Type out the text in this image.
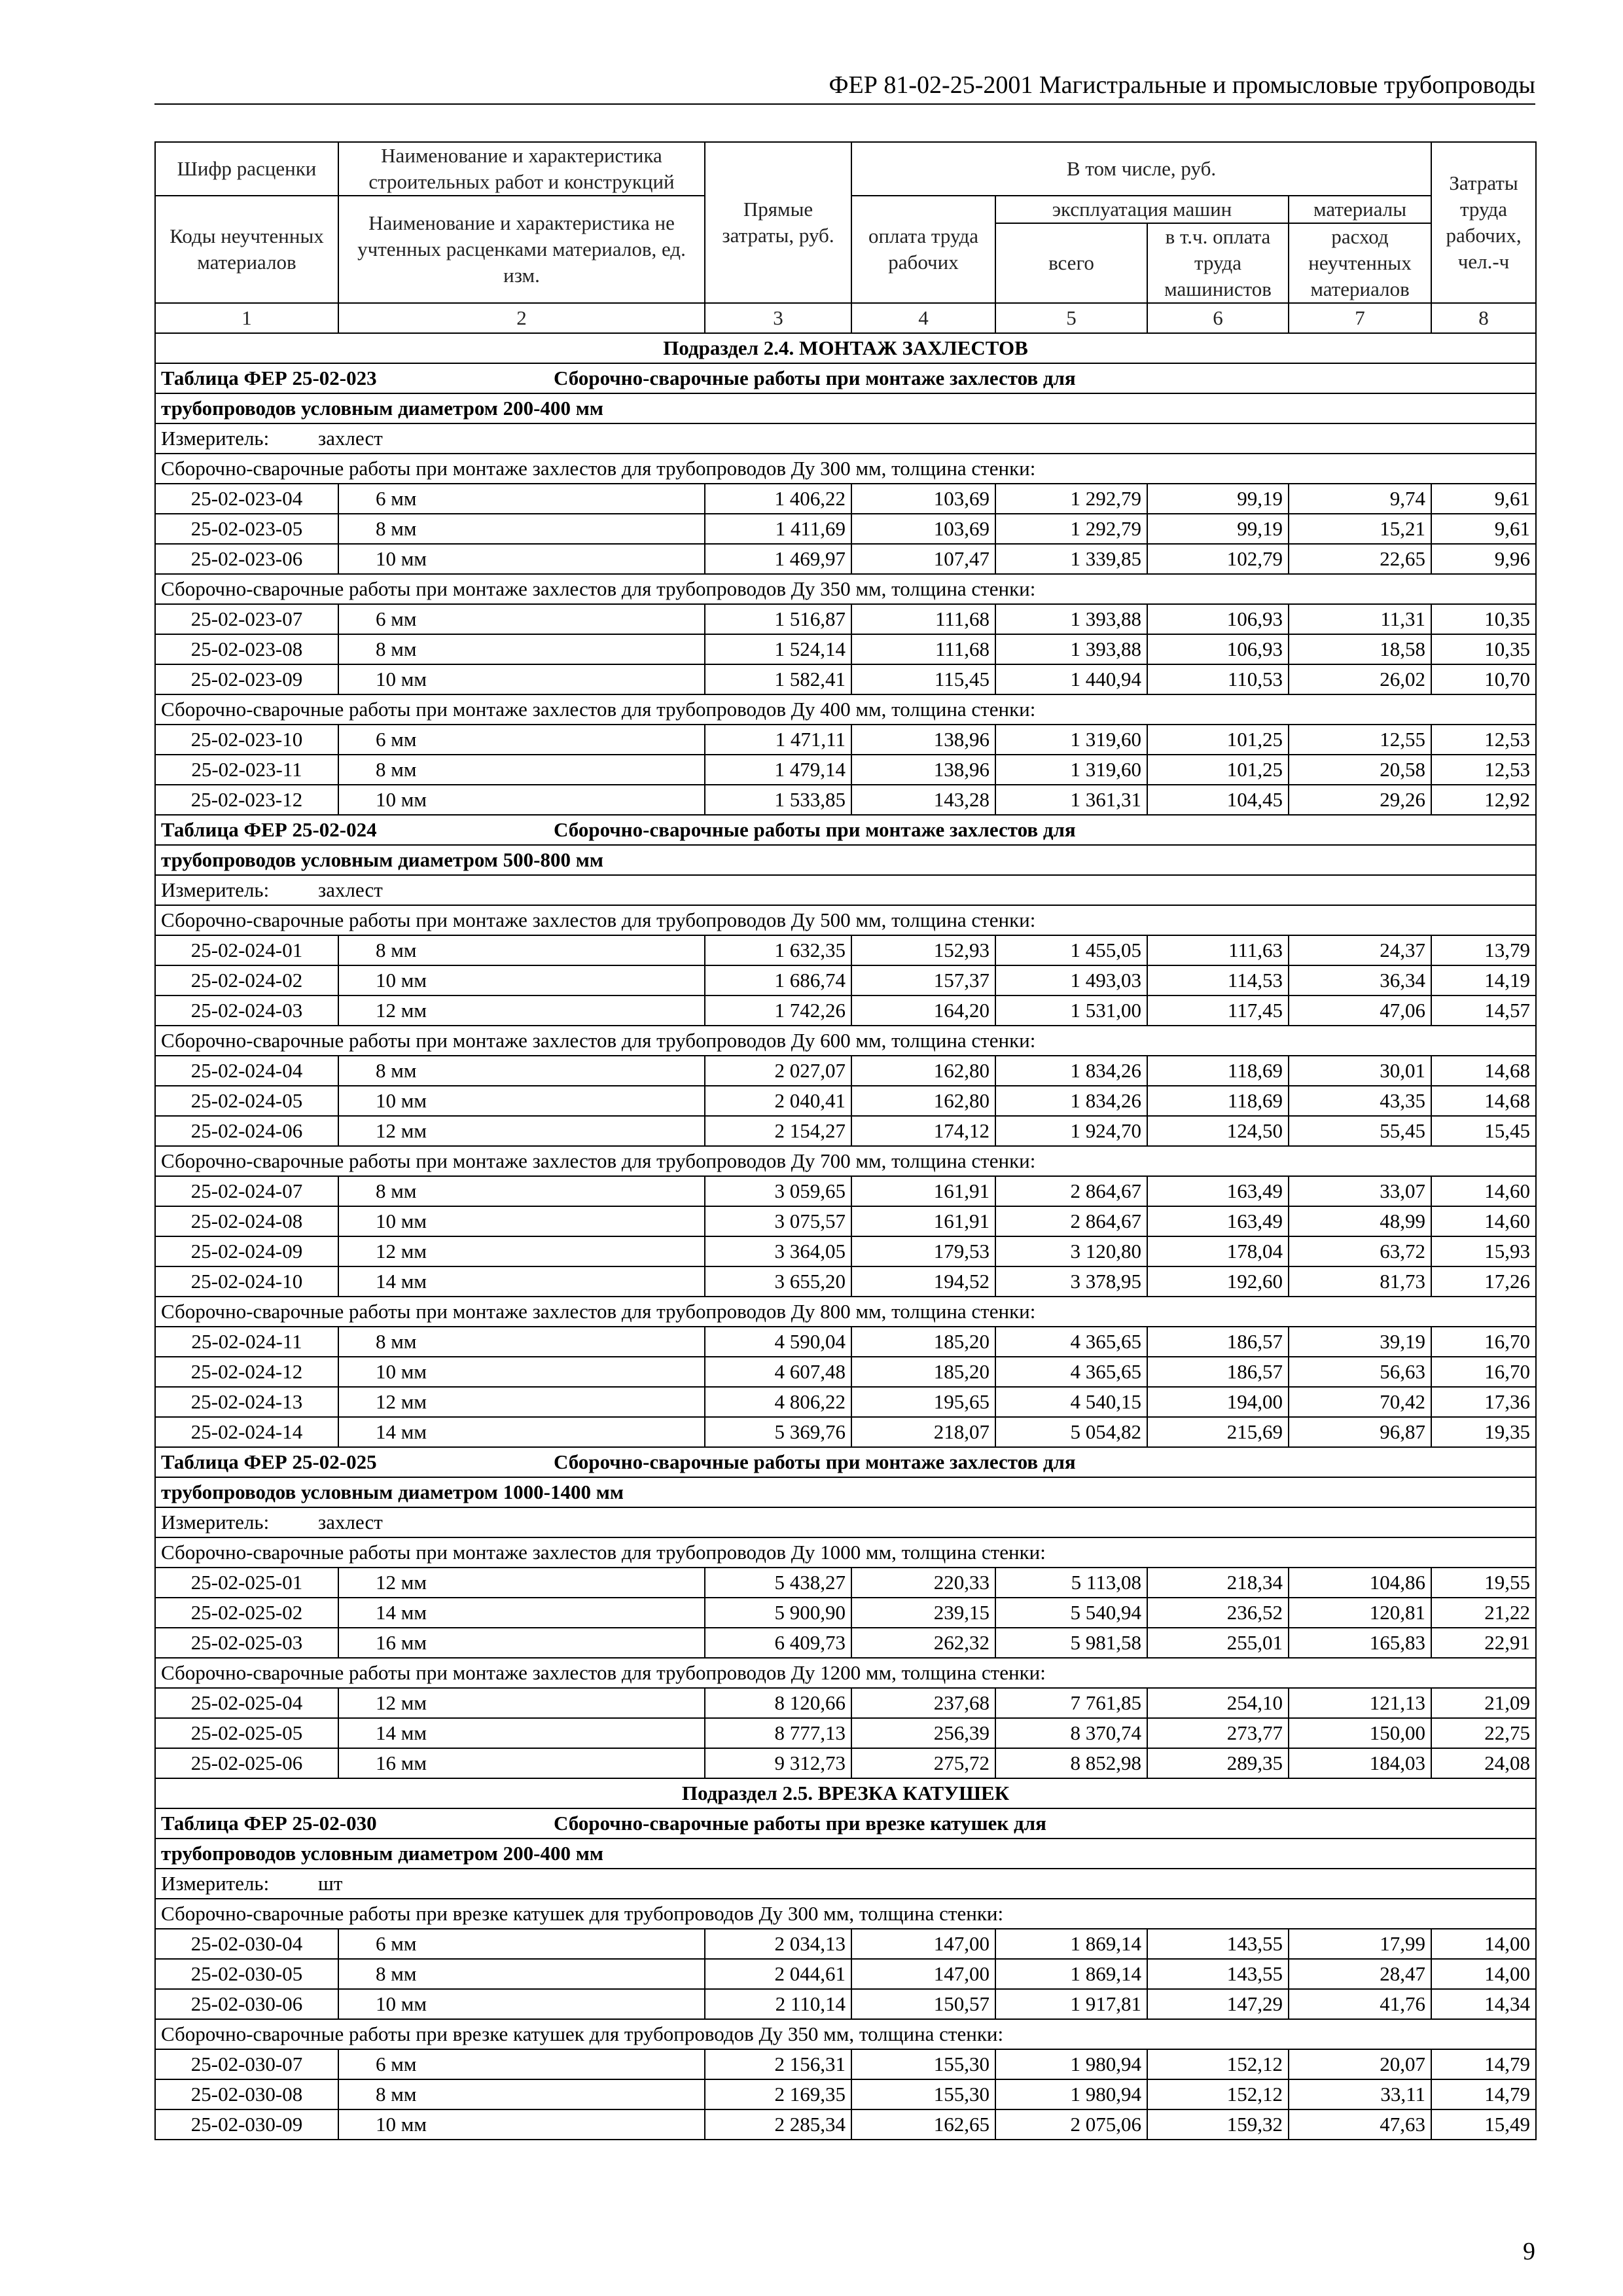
ФЕР 81-02-25-2001 Магистральные и промысловые трубопроводы
Шифр расценки	Наименование и характеристика строительных работ и конструкций	Прямые затраты, руб.	В том числе, руб.				Затраты труда рабочих, чел.-ч
Коды неучтенных материалов	Наименование и характеристика не учтенных расценками материалов, ед. изм.		оплата труда рабочих	эксплуатация машин		материалы	
				всего	в т.ч. оплата труда машинистов	расход неучтенных материалов	
1	2	3	4	5	6	7	8
Подраздел 2.4. МОНТАЖ ЗАХЛЕСТОВ							
Таблица ФЕР 25-02-023 Сборочно-сварочные работы при монтаже захлестов для							
трубопроводов условным диаметром 200-400 мм							
Измеритель: захлест							
Сборочно-сварочные работы при монтаже захлестов для трубопроводов Ду 300 мм, толщина стенки:							
25-02-023-04	6 мм	1 406,22	103,69	1 292,79	99,19	9,74	9,61
25-02-023-05	8 мм	1 411,69	103,69	1 292,79	99,19	15,21	9,61
25-02-023-06	10 мм	1 469,97	107,47	1 339,85	102,79	22,65	9,96
Сборочно-сварочные работы при монтаже захлестов для трубопроводов Ду 350 мм, толщина стенки:							
25-02-023-07	6 мм	1 516,87	111,68	1 393,88	106,93	11,31	10,35
25-02-023-08	8 мм	1 524,14	111,68	1 393,88	106,93	18,58	10,35
25-02-023-09	10 мм	1 582,41	115,45	1 440,94	110,53	26,02	10,70
Сборочно-сварочные работы при монтаже захлестов для трубопроводов Ду 400 мм, толщина стенки:							
25-02-023-10	6 мм	1 471,11	138,96	1 319,60	101,25	12,55	12,53
25-02-023-11	8 мм	1 479,14	138,96	1 319,60	101,25	20,58	12,53
25-02-023-12	10 мм	1 533,85	143,28	1 361,31	104,45	29,26	12,92
Таблица ФЕР 25-02-024 Сборочно-сварочные работы при монтаже захлестов для							
трубопроводов условным диаметром 500-800 мм							
Измеритель: захлест							
Сборочно-сварочные работы при монтаже захлестов для трубопроводов Ду 500 мм, толщина стенки:							
25-02-024-01	8 мм	1 632,35	152,93	1 455,05	111,63	24,37	13,79
25-02-024-02	10 мм	1 686,74	157,37	1 493,03	114,53	36,34	14,19
25-02-024-03	12 мм	1 742,26	164,20	1 531,00	117,45	47,06	14,57
Сборочно-сварочные работы при монтаже захлестов для трубопроводов Ду 600 мм, толщина стенки:							
25-02-024-04	8 мм	2 027,07	162,80	1 834,26	118,69	30,01	14,68
25-02-024-05	10 мм	2 040,41	162,80	1 834,26	118,69	43,35	14,68
25-02-024-06	12 мм	2 154,27	174,12	1 924,70	124,50	55,45	15,45
Сборочно-сварочные работы при монтаже захлестов для трубопроводов Ду 700 мм, толщина стенки:							
25-02-024-07	8 мм	3 059,65	161,91	2 864,67	163,49	33,07	14,60
25-02-024-08	10 мм	3 075,57	161,91	2 864,67	163,49	48,99	14,60
25-02-024-09	12 мм	3 364,05	179,53	3 120,80	178,04	63,72	15,93
25-02-024-10	14 мм	3 655,20	194,52	3 378,95	192,60	81,73	17,26
Сборочно-сварочные работы при монтаже захлестов для трубопроводов Ду 800 мм, толщина стенки:							
25-02-024-11	8 мм	4 590,04	185,20	4 365,65	186,57	39,19	16,70
25-02-024-12	10 мм	4 607,48	185,20	4 365,65	186,57	56,63	16,70
25-02-024-13	12 мм	4 806,22	195,65	4 540,15	194,00	70,42	17,36
25-02-024-14	14 мм	5 369,76	218,07	5 054,82	215,69	96,87	19,35
Таблица ФЕР 25-02-025 Сборочно-сварочные работы при монтаже захлестов для							
трубопроводов условным диаметром 1000-1400 мм							
Измеритель: захлест							
Сборочно-сварочные работы при монтаже захлестов для трубопроводов Ду 1000 мм, толщина стенки:							
25-02-025-01	12 мм	5 438,27	220,33	5 113,08	218,34	104,86	19,55
25-02-025-02	14 мм	5 900,90	239,15	5 540,94	236,52	120,81	21,22
25-02-025-03	16 мм	6 409,73	262,32	5 981,58	255,01	165,83	22,91
Сборочно-сварочные работы при монтаже захлестов для трубопроводов Ду 1200 мм, толщина стенки:							
25-02-025-04	12 мм	8 120,66	237,68	7 761,85	254,10	121,13	21,09
25-02-025-05	14 мм	8 777,13	256,39	8 370,74	273,77	150,00	22,75
25-02-025-06	16 мм	9 312,73	275,72	8 852,98	289,35	184,03	24,08
Подраздел 2.5. ВРЕЗКА КАТУШЕК							
Таблица ФЕР 25-02-030 Сборочно-сварочные работы при врезке катушек для							
трубопроводов условным диаметром 200-400 мм							
Измеритель: шт							
Сборочно-сварочные работы при врезке катушек для трубопроводов Ду 300 мм, толщина стенки:							
25-02-030-04	6 мм	2 034,13	147,00	1 869,14	143,55	17,99	14,00
25-02-030-05	8 мм	2 044,61	147,00	1 869,14	143,55	28,47	14,00
25-02-030-06	10 мм	2 110,14	150,57	1 917,81	147,29	41,76	14,34
Сборочно-сварочные работы при врезке катушек для трубопроводов Ду 350 мм, толщина стенки:							
25-02-030-07	6 мм	2 156,31	155,30	1 980,94	152,12	20,07	14,79
25-02-030-08	8 мм	2 169,35	155,30	1 980,94	152,12	33,11	14,79
25-02-030-09	10 мм	2 285,34	162,65	2 075,06	159,32	47,63	15,49
9
